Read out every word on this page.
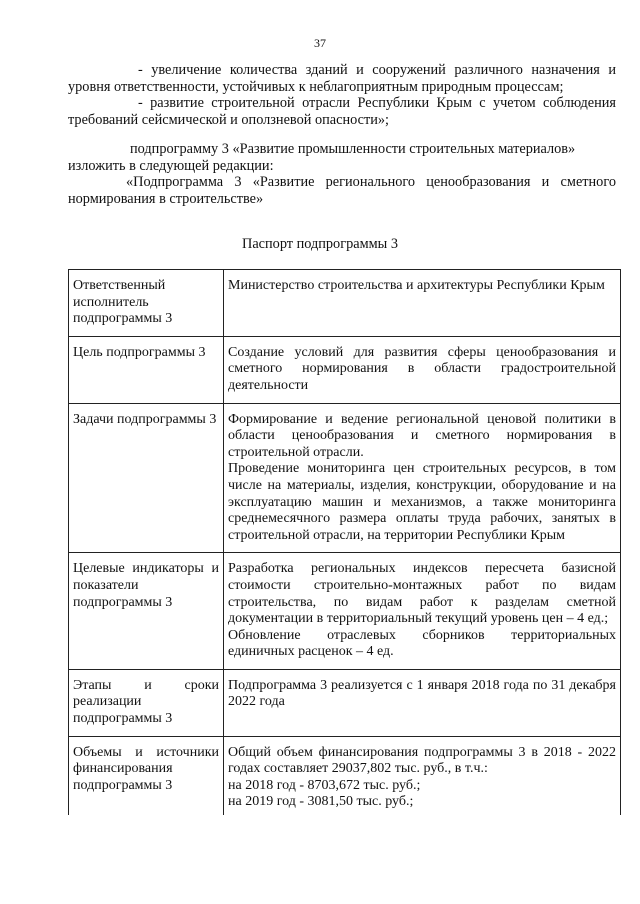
37

- увеличение количества зданий и сооружений различного назначения и уровня ответственности, устойчивых к неблагоприятным природным процессам;

- развитие строительной отрасли Республики Крым с учетом соблюдения требований сейсмической и оползневой опасности»;

подпрограмму 3 «Развитие промышленности строительных материалов»

изложить в следующей редакции:

«Подпрограмма 3 «Развитие регионального ценообразования и сметного нормирования в строительстве»

Паспорт подпрограммы 3
Ответственный исполнитель подпрограммы 3	Министерство строительства и архитектуры Республики Крым

Цель подпрограммы 3	Создание условий для развития сферы ценообразования и сметного нормирования в области градостроительной деятельности

Задачи подпрограммы 3	Формирование и ведение региональной ценовой политики в области ценообразования и сметного нормирования в строительной отрасли.
Проведение мониторинга цен строительных ресурсов, в том числе на материалы, изделия, конструкции, оборудование и на эксплуатацию машин и механизмов, а также мониторинга среднемесячного размера оплаты труда рабочих, занятых в строительной отрасли, на территории Республики Крым

Целевые индикаторы и показатели подпрограммы 3	Разработка региональных индексов пересчета базисной стоимости строительно-монтажных работ по видам строительства, по видам работ к разделам сметной документации в территориальный текущий уровень цен – 4 ед.;
Обновление отраслевых сборников территориальных единичных расценок – 4 ед.

Этапы и сроки реализации подпрограммы 3	Подпрограмма 3 реализуется с 1 января 2018 года по 31 декабря 2022 года

Объемы и источники финансирования подпрограммы 3	Общий объем финансирования подпрограммы 3 в 2018 - 2022 годах составляет 29037,802 тыс. руб., в т.ч.:
на 2018 год - 8703,672 тыс. руб.;
на 2019 год - 3081,50 тыс. руб.;
